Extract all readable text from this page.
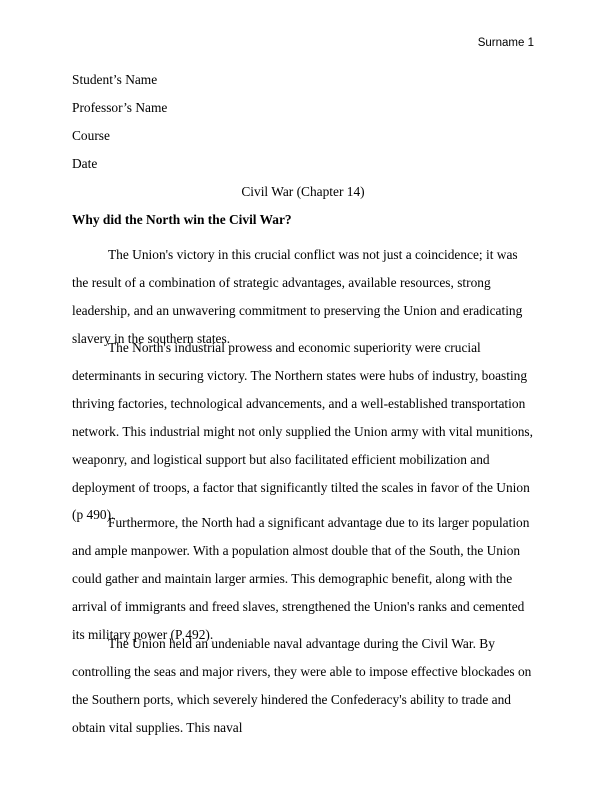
Surname 1
Student’s Name
Professor’s Name
Course
Date
Civil War (Chapter 14)
Why did the North win the Civil War?

The Union's victory in this crucial conflict was not just a coincidence; it was the result of a combination of strategic advantages, available resources, strong leadership, and an unwavering commitment to preserving the Union and eradicating slavery in the southern states.

The North's industrial prowess and economic superiority were crucial determinants in securing victory. The Northern states were hubs of industry, boasting thriving factories, technological advancements, and a well-established transportation network. This industrial might not only supplied the Union army with vital munitions, weaponry, and logistical support but also facilitated efficient mobilization and deployment of troops, a factor that significantly tilted the scales in favor of the Union (p 490).

Furthermore, the North had a significant advantage due to its larger population and ample manpower. With a population almost double that of the South, the Union could gather and maintain larger armies. This demographic benefit, along with the arrival of immigrants and freed slaves, strengthened the Union's ranks and cemented its military power (P 492).

The Union held an undeniable naval advantage during the Civil War. By controlling the seas and major rivers, they were able to impose effective blockades on the Southern ports, which severely hindered the Confederacy's ability to trade and obtain vital supplies. This naval
